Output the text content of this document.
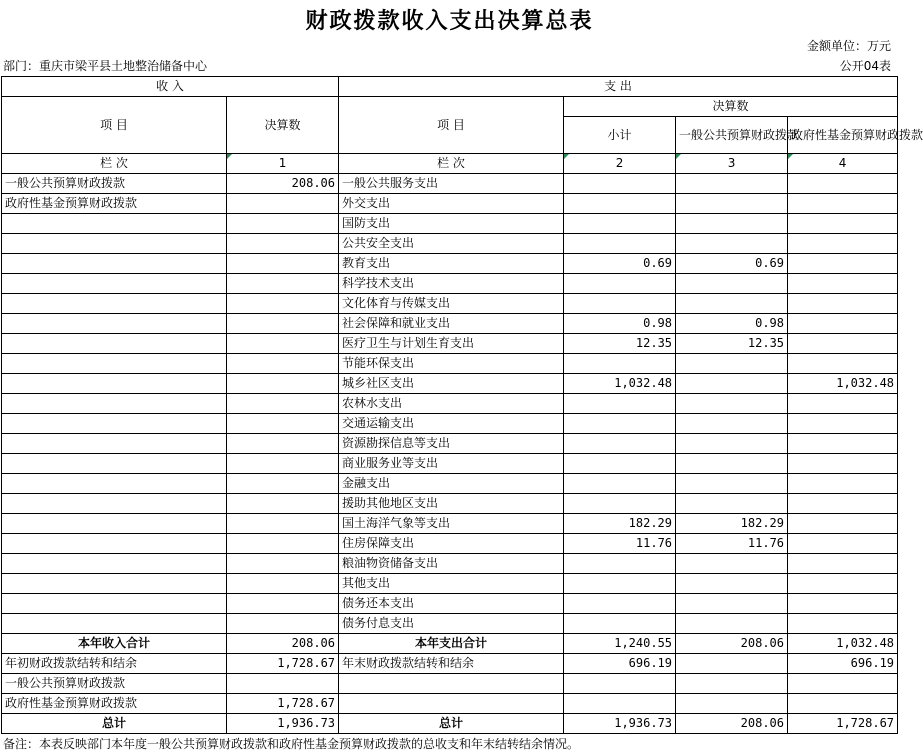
财政拨款收入支出决算总表
金额单位：万元
部门：重庆市梁平县土地整治储备中心	公开04表
收 入		支 出			
项 目	决算数	项 目	决算数		
			小计	一般公共预算财政拨款	政府性基金预算财政拨款
栏 次	1	栏 次	2	3	4
一般公共预算财政拨款	208.06	一般公共服务支出			
政府性基金预算财政拨款		外交支出			
		国防支出			
		公共安全支出			
		教育支出	0.69	0.69	
		科学技术支出			
		文化体育与传媒支出			
		社会保障和就业支出	0.98	0.98	
		医疗卫生与计划生育支出	12.35	12.35	
		节能环保支出			
		城乡社区支出	1,032.48		1,032.48
		农林水支出			
		交通运输支出			
		资源勘探信息等支出			
		商业服务业等支出			
		金融支出			
		援助其他地区支出			
		国土海洋气象等支出	182.29	182.29	
		住房保障支出	11.76	11.76	
		粮油物资储备支出			
		其他支出			
		债务还本支出			
		债务付息支出			
本年收入合计	208.06	本年支出合计	1,240.55	208.06	1,032.48
年初财政拨款结转和结余	1,728.67	年末财政拨款结转和结余	696.19		696.19
一般公共预算财政拨款					
政府性基金预算财政拨款	1,728.67				
总计	1,936.73	总计	1,936.73	208.06	1,728.67
备注：本表反映部门本年度一般公共预算财政拨款和政府性基金预算财政拨款的总收支和年末结转结余情况。
